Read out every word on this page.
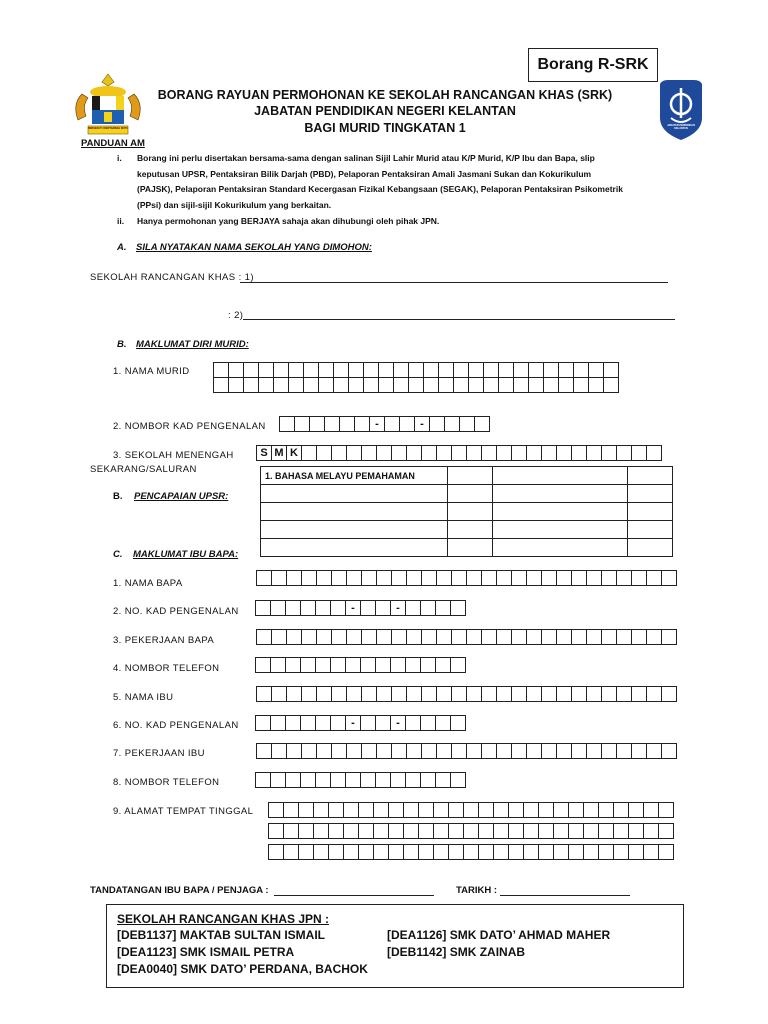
Borang R-SRK
BERSEKUTU BERTAMBAH MUTU
JABATAN PENDIDIKAN KELANTAN
BORANG RAYUAN PERMOHONAN KE SEKOLAH RANCANGAN KHAS (SRK)
JABATAN PENDIDIKAN NEGERI KELANTAN
BAGI MURID TINGKATAN 1
PANDUAN AM
i. Borang ini perlu disertakan bersama-sama dengan salinan Sijil Lahir Murid atau K/P Murid, K/P Ibu dan Bapa, slip
keputusan UPSR, Pentaksiran Bilik Darjah (PBD), Pelaporan Pentaksiran Amali Jasmani Sukan dan Kokurikulum
(PAJSK), Pelaporan Pentaksiran Standard Kecergasan Fizikal Kebangsaan (SEGAK), Pelaporan Pentaksiran Psikometrik
(PPsi) dan sijil-sijil Kokurikulum yang berkaitan.
ii. Hanya permohonan yang BERJAYA sahaja akan dihubungi oleh pihak JPN.
A. SILA NYATAKAN NAMA SEKOLAH YANG DIMOHON:
SEKOLAH RANCANGAN KHAS : 1)
: 2)
B. MAKLUMAT DIRI MURID:
1. NAMA MURID
2. NOMBOR KAD PENGENALAN	-	-
3. SEKOLAH MENENGAH
SEKARANG/SALURAN
S M K
B. PENCAPAIAN UPSR:
1. BAHASA MELAYU PEMAHAMAN			

C. MAKLUMAT IBU BAPA:
1. NAMA BAPA
2. NO. KAD PENGENALAN	-	-
3. PEKERJAAN BAPA
4. NOMBOR TELEFON
5. NAMA IBU
6. NO. KAD PENGENALAN	-	-
7. PEKERJAAN IBU
8. NOMBOR TELEFON
9. ALAMAT TEMPAT TINGGAL
TANDATANGAN IBU BAPA / PENJAGA :	TARIKH :
SEKOLAH RANCANGAN KHAS JPN :
[DEB1137] MAKTAB SULTAN ISMAIL
[DEA1123] SMK ISMAIL PETRA
[DEA0040] SMK DATO’ PERDANA, BACHOK
[DEA1126] SMK DATO’ AHMAD MAHER
[DEB1142] SMK ZAINAB
